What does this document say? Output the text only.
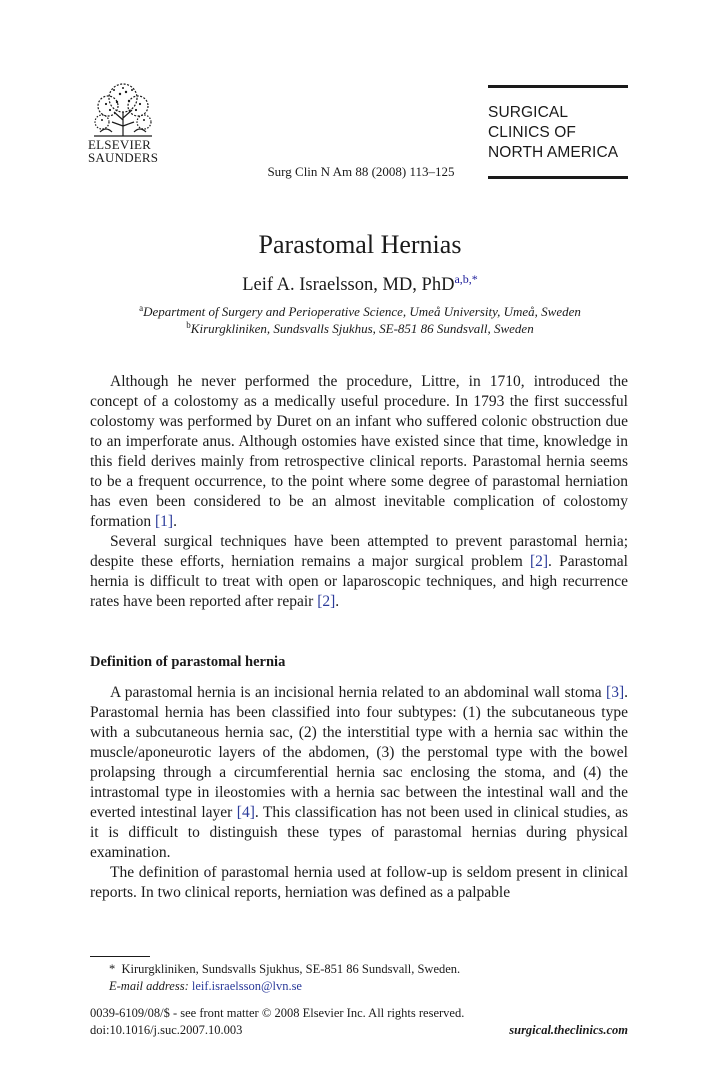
ELSEVIER
SAUNDERS
SURGICAL
CLINICS OF
NORTH AMERICA
Surg Clin N Am 88 (2008) 113–125
Parastomal Hernias
Leif A. Israelsson, MD, PhD$^{a,b,*}$
$^a$Department of Surgery and Perioperative Science, Umeå University, Umeå, Sweden
$^b$Kirurgkliniken, Sundsvalls Sjukhus, SE-851 86 Sundsvall, Sweden

Although he never performed the procedure, Littre, in 1710, introduced the concept of a colostomy as a medically useful procedure. In 1793 the first successful colostomy was performed by Duret on an infant who suffered colonic obstruction due to an imperforate anus. Although ostomies have existed since that time, knowledge in this field derives mainly from retrospective clinical reports. Parastomal hernia seems to be a frequent occurrence, to the point where some degree of parastomal herniation has even been considered to be an almost inevitable complication of colostomy formation [1].

Several surgical techniques have been attempted to prevent parastomal hernia; despite these efforts, herniation remains a major surgical problem [2]. Parastomal hernia is difficult to treat with open or laparoscopic techniques, and high recurrence rates have been reported after repair [2].

Definition of parastomal hernia

A parastomal hernia is an incisional hernia related to an abdominal wall stoma [3]. Parastomal hernia has been classified into four subtypes: (1) the subcutaneous type with a subcutaneous hernia sac, (2) the interstitial type with a hernia sac within the muscle/aponeurotic layers of the abdomen, (3) the perstomal type with the bowel prolapsing through a circumferential hernia sac enclosing the stoma, and (4) the intrastomal type in ileostomies with a hernia sac between the intestinal wall and the everted intestinal layer [4]. This classification has not been used in clinical studies, as it is difficult to distinguish these types of parastomal hernias during physical examination.

The definition of parastomal hernia used at follow-up is seldom present in clinical reports. In two clinical reports, herniation was defined as a palpable

* Kirurgkliniken, Sundsvalls Sjukhus, SE-851 86 Sundsvall, Sweden.
E-mail address: leif.israelsson@lvn.se
0039-6109/08/$ - see front matter © 2008 Elsevier Inc. All rights reserved.
doi:10.1016/j.suc.2007.10.003	surgical.theclinics.com
